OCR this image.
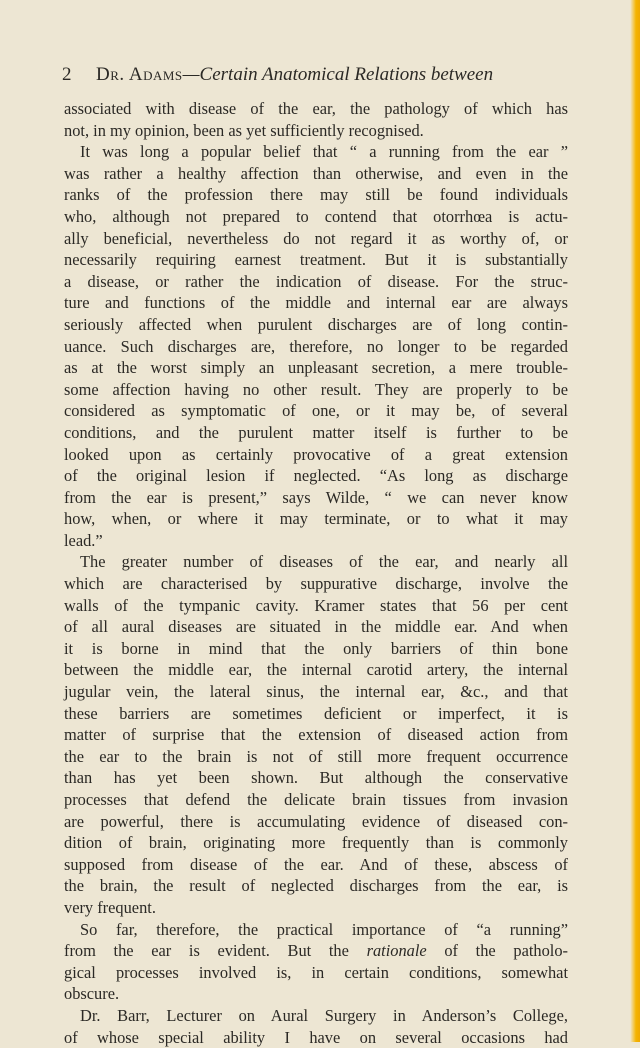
2 Dr. Adams—Certain Anatomical Relations between
associated with disease of the ear, the pathology of which has
not, in my opinion, been as yet sufficiently recognised.
It was long a popular belief that “ a running from the ear ”
was rather a healthy affection than otherwise, and even in the
ranks of the profession there may still be found individuals
who, although not prepared to contend that otorrhœa is actu-
ally beneficial, nevertheless do not regard it as worthy of, or
necessarily requiring earnest treatment. But it is substantially
a disease, or rather the indication of disease. For the struc-
ture and functions of the middle and internal ear are always
seriously affected when purulent discharges are of long contin-
uance. Such discharges are, therefore, no longer to be regarded
as at the worst simply an unpleasant secretion, a mere trouble-
some affection having no other result. They are properly to be
considered as symptomatic of one, or it may be, of several
conditions, and the purulent matter itself is further to be
looked upon as certainly provocative of a great extension
of the original lesion if neglected. “As long as discharge
from the ear is present,” says Wilde, “ we can never know
how, when, or where it may terminate, or to what it may
lead.”
The greater number of diseases of the ear, and nearly all
which are characterised by suppurative discharge, involve the
walls of the tympanic cavity. Kramer states that 56 per cent
of all aural diseases are situated in the middle ear. And when
it is borne in mind that the only barriers of thin bone
between the middle ear, the internal carotid artery, the internal
jugular vein, the lateral sinus, the internal ear, &c., and that
these barriers are sometimes deficient or imperfect, it is
matter of surprise that the extension of diseased action from
the ear to the brain is not of still more frequent occurrence
than has yet been shown. But although the conservative
processes that defend the delicate brain tissues from invasion
are powerful, there is accumulating evidence of diseased con-
dition of brain, originating more frequently than is commonly
supposed from disease of the ear. And of these, abscess of
the brain, the result of neglected discharges from the ear, is
very frequent.
So far, therefore, the practical importance of “a running”
from the ear is evident. But the rationale of the patholo-
gical processes involved is, in certain conditions, somewhat
obscure.
Dr. Barr, Lecturer on Aural Surgery in Anderson’s College,
of whose special ability I have on several occasions had
